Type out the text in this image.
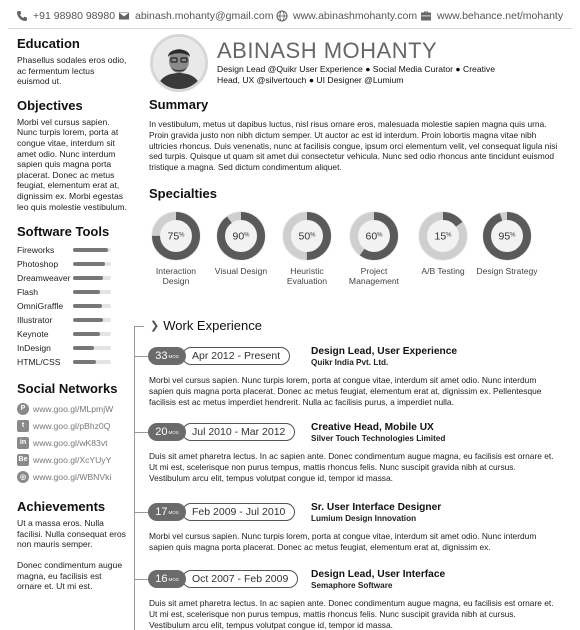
+91 98980 98980 abinash.mohanty@gmail.com www.abinashmohanty.com www.behance.net/mohanty
ABINASH MOHANTY
Design Lead @Quikr User Experience ● Social Media Curator ● Creative Head, UX @silvertouch ● UI Designer @Lumium
Education
Phasellus sodales eros odio, ac fermentum lectus euismod ut.
Objectives
Morbi vel cursus sapien. Nunc turpis lorem, porta at congue vitae, interdum sit amet odio. Nunc interdum sapien quis magna porta placerat. Donec ac metus feugiat, elementum erat at, dignissim ex. Morbi egestas leo quis molestie vestibulum.
Software Tools
Fireworks
Photoshop
Dreamweaver
Flash
OmniGraffle
Illustrator
Keynote
InDesign
HTML/CSS
Social Networks
P www.goo.gl/MLpmjW
t	www.goo.gl/pBhz0Q
in www.goo.gl/wK83vt
Be www.goo.gl/XcYUyY
◎ www.goo.gl/WBNVki
Achievements
Ut a massa eros. Nulla facilisi. Nulla consequat eros non mauris semper.
Donec condimentum augue magna, eu facilisis est ornare et. Ut mi est.
Summary
In vestibulum, metus ut dapibus luctus, nisl risus ornare eros, malesuada molestie sapien magna quis urna. Proin gravida justo non nibh dictum semper. Ut auctor ac est id interdum. Proin lobortis magna vitae nibh ultricies rhoncus. Duis venenatis, nunc at facilisis congue, ipsum orci elementum velit, vel consequat ligula nisi sed turpis. Quisque ut quam sit amet dui consectetur vehicula. Nunc sed odio rhoncus ante tincidunt euismod tristique a magna. Sed dictum condimentum aliquet.
Specialties
75%
Interaction Design
90%
Visual Design
50%
Heuristic Evaluation
60%
Project Management
15%
A/B Testing
95%
Design Strategy
❯ Work Experience
33 MOS	Apr 2012 - Present	Design Lead, User Experience
Quikr India Pvt. Ltd.
Morbi vel cursus sapien. Nunc turpis lorem, porta at congue vitae, interdum sit amet odio. Nunc interdum sapien quis magna porta placerat. Donec ac metus feugiat, elementum erat at, dignissim ex. Pellentesque facilisis est ac metus imperdiet hendrerit. Nulla ac facilisis purus, a imperdiet nulla.
20 MOS	Jul 2010 - Mar 2012	Creative Head, Mobile UX
Silver Touch Technologies Limited
Duis sit amet pharetra lectus. In ac sapien ante. Donec condimentum augue magna, eu facilisis est ornare et. Ut mi est, scelerisque non purus tempus, mattis rhoncus felis. Nunc suscipit gravida nibh at cursus. Vestibulum arcu elit, tempus volutpat congue id, tempor id massa.
17 MOS	Feb 2009 - Jul 2010	Sr. User Interface Designer
Lumium Design Innovation
Morbi vel cursus sapien. Nunc turpis lorem, porta at congue vitae, interdum sit amet odio. Nunc interdum sapien quis magna porta placerat. Donec ac metus feugiat, elementum erat at, dignissim ex.
16 MOS	Oct 2007 - Feb 2009	Design Lead, User Interface
Semaphore Software
Duis sit amet pharetra lectus. In ac sapien ante. Donec condimentum augue magna, eu facilisis est ornare et. Ut mi est, scelerisque non purus tempus, mattis rhoncus felis. Nunc suscipit gravida nibh at cursus. Vestibulum arcu elit, tempus volutpat congue id, tempor id massa.
